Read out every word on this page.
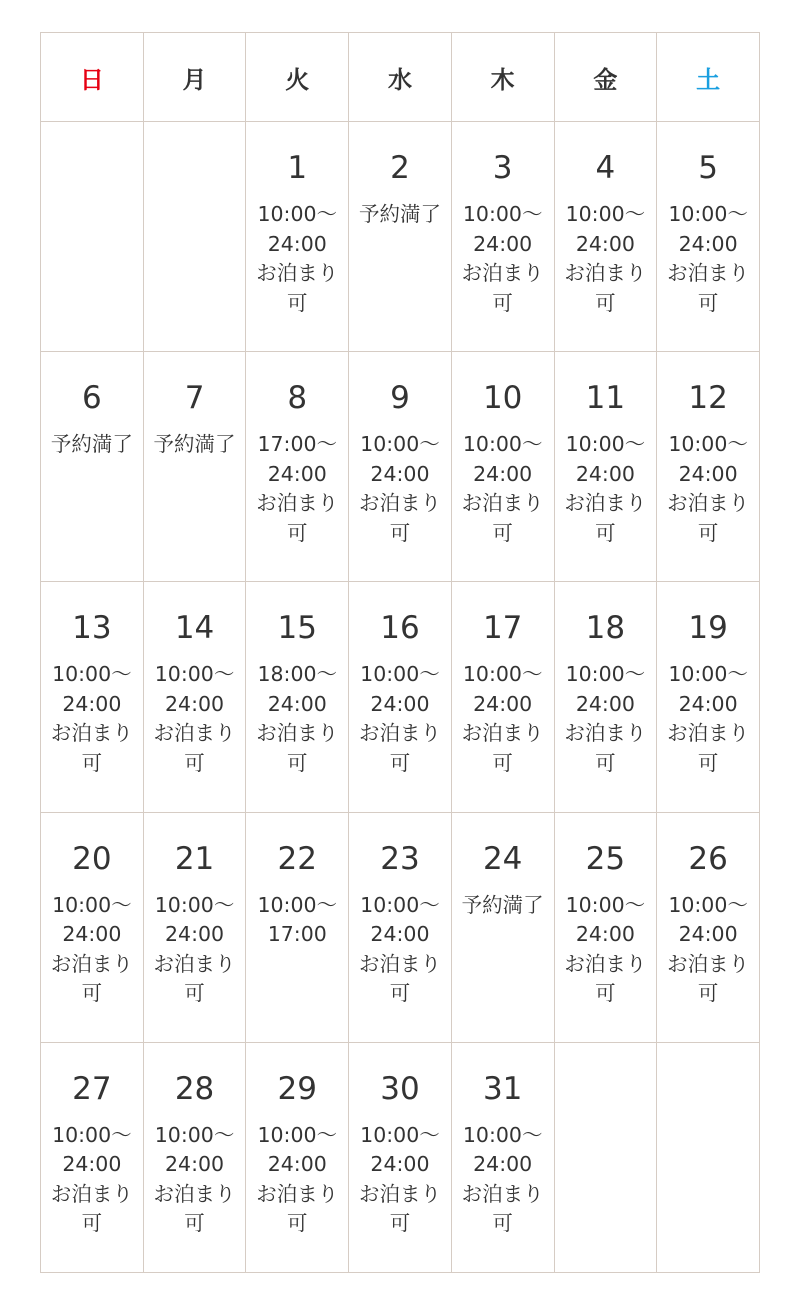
日	月	火	水	木	金	土

		1
10:00〜
24:00
お泊まり
可	2
予約満了	3
10:00〜
24:00
お泊まり
可	4
10:00〜
24:00
お泊まり
可	5
10:00〜
24:00
お泊まり
可

6
予約満了	7
予約満了	8
17:00〜
24:00
お泊まり
可	9
10:00〜
24:00
お泊まり
可	10
10:00〜
24:00
お泊まり
可	11
10:00〜
24:00
お泊まり
可	12
10:00〜
24:00
お泊まり
可

13
10:00〜
24:00
お泊まり
可	14
10:00〜
24:00
お泊まり
可	15
18:00〜
24:00
お泊まり
可	16
10:00〜
24:00
お泊まり
可	17
10:00〜
24:00
お泊まり
可	18
10:00〜
24:00
お泊まり
可	19
10:00〜
24:00
お泊まり
可

20
10:00〜
24:00
お泊まり
可	21
10:00〜
24:00
お泊まり
可	22
10:00〜
17:00	23
10:00〜
24:00
お泊まり
可	24
予約満了	25
10:00〜
24:00
お泊まり
可	26
10:00〜
24:00
お泊まり
可

27
10:00〜
24:00
お泊まり
可	28
10:00〜
24:00
お泊まり
可	29
10:00〜
24:00
お泊まり
可	30
10:00〜
24:00
お泊まり
可	31
10:00〜
24:00
お泊まり
可		
